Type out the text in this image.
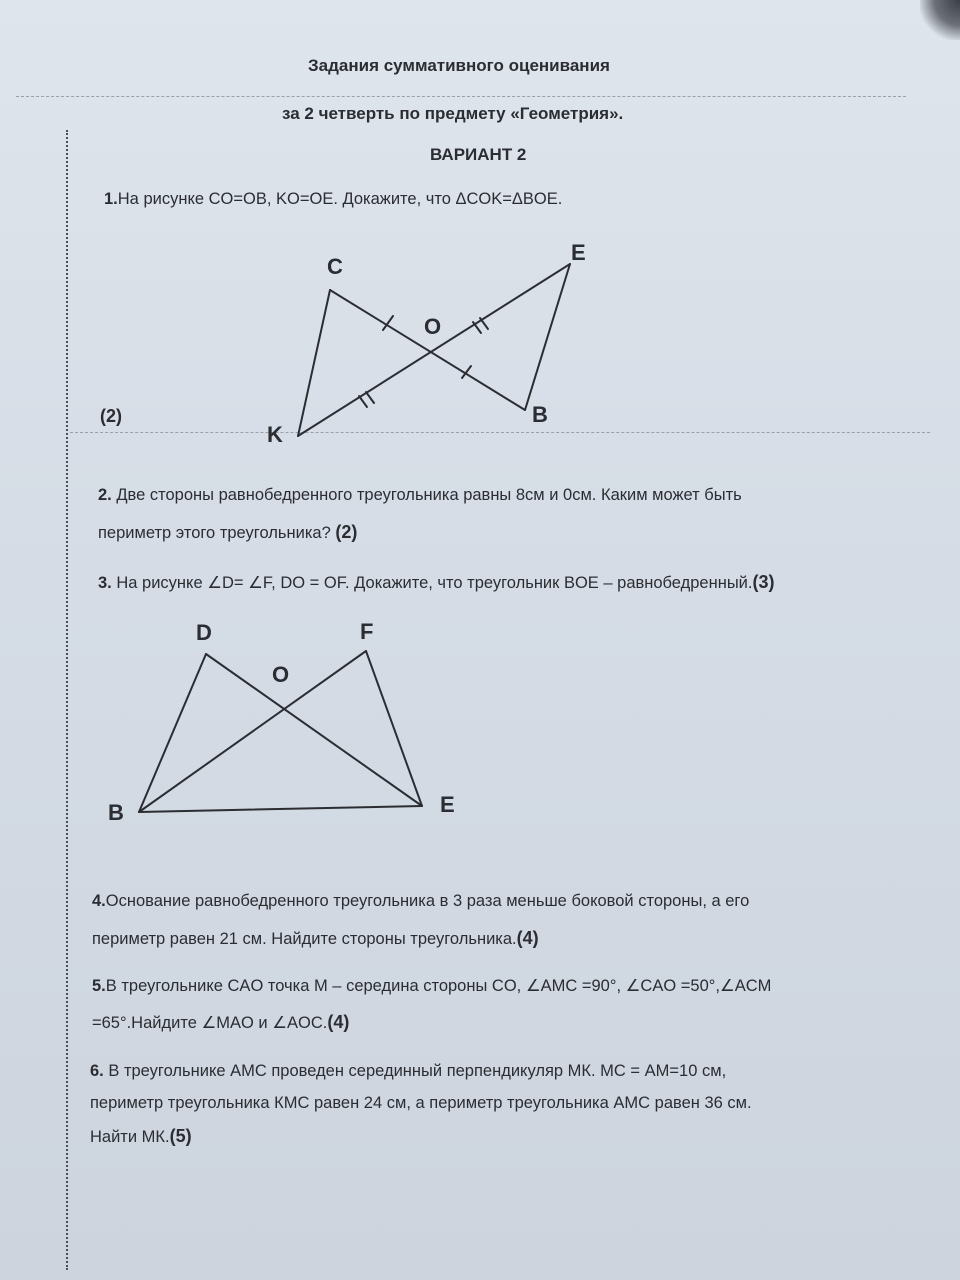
Задания суммативного оценивания
за 2 четверть по предмету «Геометрия».
ВАРИАНТ 2
1.На рисунке CO=OB, KO=OE. Докажите, что ΔCOK=ΔBOE.
(2)
C
E
O
B
K
2. Две стороны равнобедренного треугольника равны 8см и 0см. Каким может быть
периметр этого треугольника? (2)
3. На рисунке ∠D= ∠F, DO = OF. Докажите, что треугольник BOE – равнобедренный.(3)
D	F
O
B	E
4.Основание равнобедренного треугольника в 3 раза меньше боковой стороны, а его
периметр равен 21 см. Найдите стороны треугольника.(4)
5.В треугольнике CAO точка M – середина стороны CO, ∠AMC =90°, ∠CAO =50°,∠ACM
=65°.Найдите ∠MAO и ∠AOC.(4)
6. В треугольнике АМС проведен серединный перпендикуляр МК. МС = АМ=10 см,
периметр треугольника КМС равен 24 см, а периметр треугольника АМС равен 36 см.
Найти МК.(5)
